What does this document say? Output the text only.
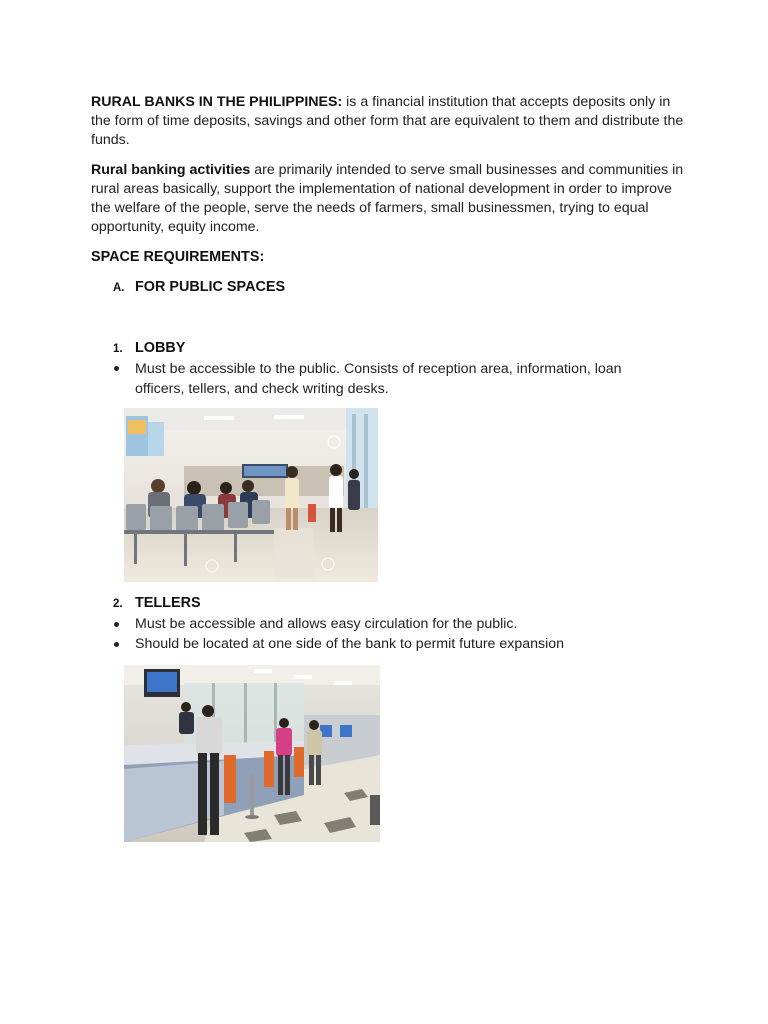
RURAL BANKS IN THE PHILIPPINES: is a financial institution that accepts deposits only in the form of time deposits, savings and other form that are equivalent to them and distribute the funds.

Rural banking activities are primarily intended to serve small businesses and communities in rural areas basically, support the implementation of national development in order to improve the welfare of the people, serve the needs of farmers, small businessmen, trying to equal opportunity, equity income.

SPACE REQUIREMENTS:

A. FOR PUBLIC SPACES

1. LOBBY

Must be accessible to the public. Consists of reception area, information, loan officers, tellers, and check writing desks.

2. TELLERS

Must be accessible and allows easy circulation for the public.

Should be located at one side of the bank to permit future expansion
